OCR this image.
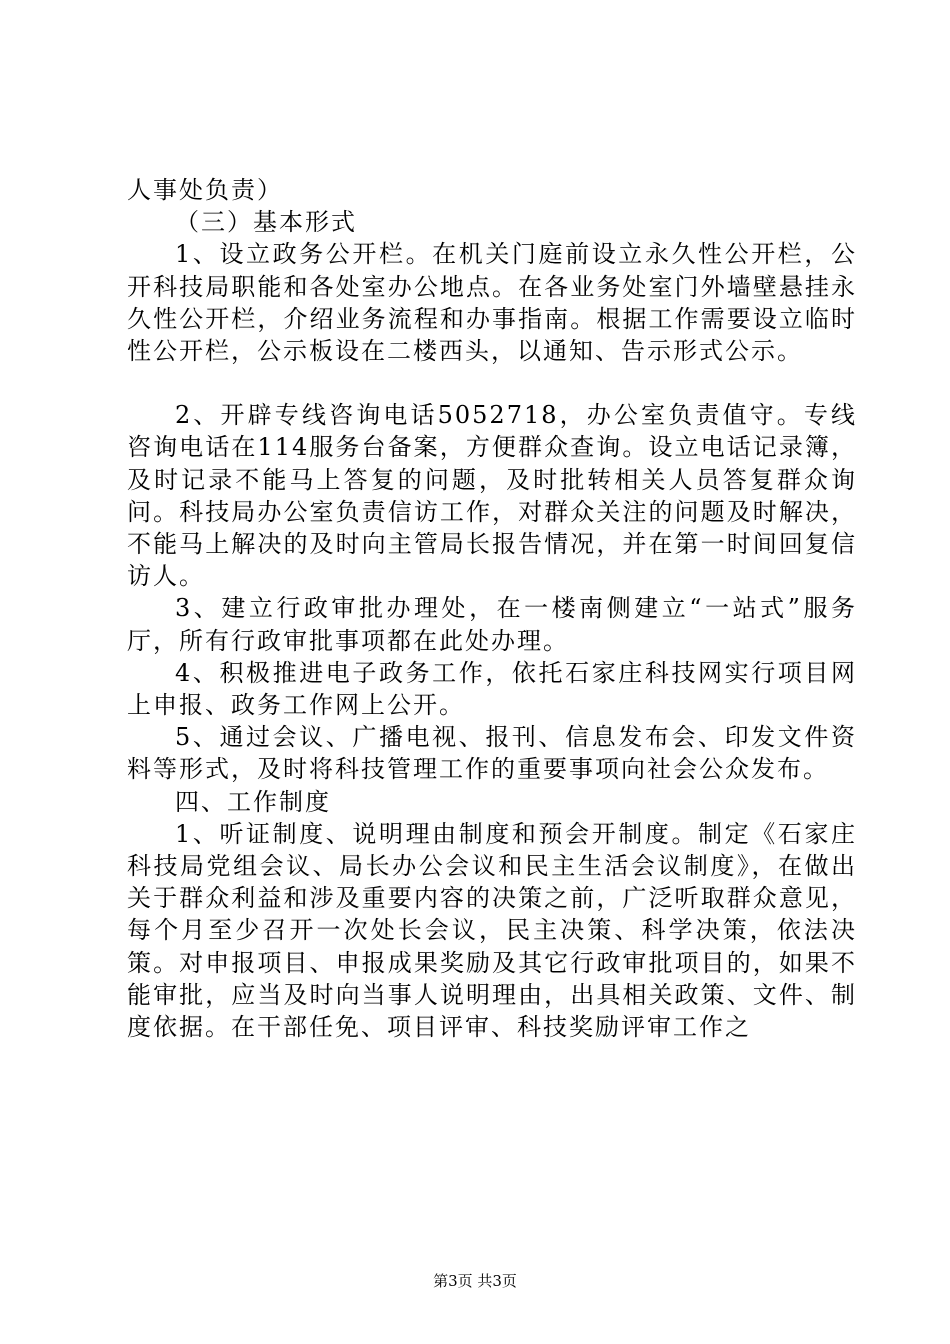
人事处负责）

（三）基本形式

1、设立政务公开栏。在机关门庭前设立永久性公开栏，公开科技局职能和各处室办公地点。在各业务处室门外墙壁悬挂永久性公开栏，介绍业务流程和办事指南。根据工作需要设立临时性公开栏，公示板设在二楼西头，以通知、告示形式公示。

2、开辟专线咨询电话5052718，办公室负责值守。专线咨询电话在114服务台备案，方便群众查询。设立电话记录簿，及时记录不能马上答复的问题，及时批转相关人员答复群众询问。科技局办公室负责信访工作，对群众关注的问题及时解决，不能马上解决的及时向主管局长报告情况，并在第一时间回复信访人。

3、建立行政审批办理处，在一楼南侧建立“一站式”服务厅，所有行政审批事项都在此处办理。

4、积极推进电子政务工作，依托石家庄科技网实行项目网上申报、政务工作网上公开。

5、通过会议、广播电视、报刊、信息发布会、印发文件资料等形式，及时将科技管理工作的重要事项向社会公众发布。

四、工作制度

1、听证制度、说明理由制度和预会开制度。制定《石家庄科技局党组会议、局长办公会议和民主生活会议制度》，在做出关于群众利益和涉及重要内容的决策之前，广泛听取群众意见，每个月至少召开一次处长会议，民主决策、科学决策，依法决策。对申报项目、申报成果奖励及其它行政审批项目的，如果不能审批，应当及时向当事人说明理由，出具相关政策、文件、制度依据。在干部任免、项目评审、科技奖励评审工作之

第3页 共3页
